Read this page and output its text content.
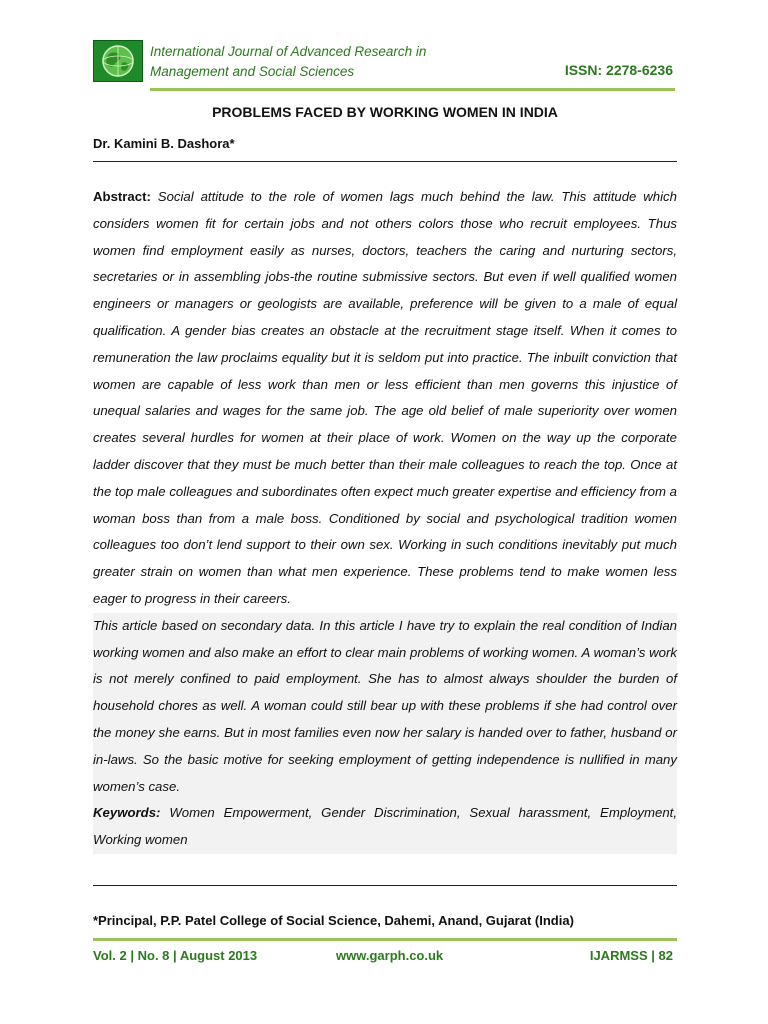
International Journal of Advanced Research in
Management and Social Sciences	ISSN: 2278-6236
PROBLEMS FACED BY WORKING WOMEN IN INDIA
Dr. Kamini B. Dashora*

Abstract: Social attitude to the role of women lags much behind the law. This attitude which considers women fit for certain jobs and not others colors those who recruit employees. Thus women find employment easily as nurses, doctors, teachers the caring and nurturing sectors, secretaries or in assembling jobs-the routine submissive sectors. But even if well qualified women engineers or managers or geologists are available, preference will be given to a male of equal qualification. A gender bias creates an obstacle at the recruitment stage itself. When it comes to remuneration the law proclaims equality but it is seldom put into practice. The inbuilt conviction that women are capable of less work than men or less efficient than men governs this injustice of unequal salaries and wages for the same job. The age old belief of male superiority over women creates several hurdles for women at their place of work. Women on the way up the corporate ladder discover that they must be much better than their male colleagues to reach the top. Once at the top male colleagues and subordinates often expect much greater expertise and efficiency from a woman boss than from a male boss. Conditioned by social and psychological tradition women colleagues too don’t lend support to their own sex. Working in such conditions inevitably put much greater strain on women than what men experience. These problems tend to make women less eager to progress in their careers.

This article based on secondary data. In this article I have try to explain the real condition of Indian working women and also make an effort to clear main problems of working women. A woman’s work is not merely confined to paid employment. She has to almost always shoulder the burden of household chores as well. A woman could still bear up with these problems if she had control over the money she earns. But in most families even now her salary is handed over to father, husband or in-laws. So the basic motive for seeking employment of getting independence is nullified in many women’s case.

Keywords: Women Empowerment, Gender Discrimination, Sexual harassment, Employment, Working women

*Principal, P.P. Patel College of Social Science, Dahemi, Anand, Gujarat (India)
Vol. 2 | No. 8 | August 2013	www.garph.co.uk	IJARMSS | 82
